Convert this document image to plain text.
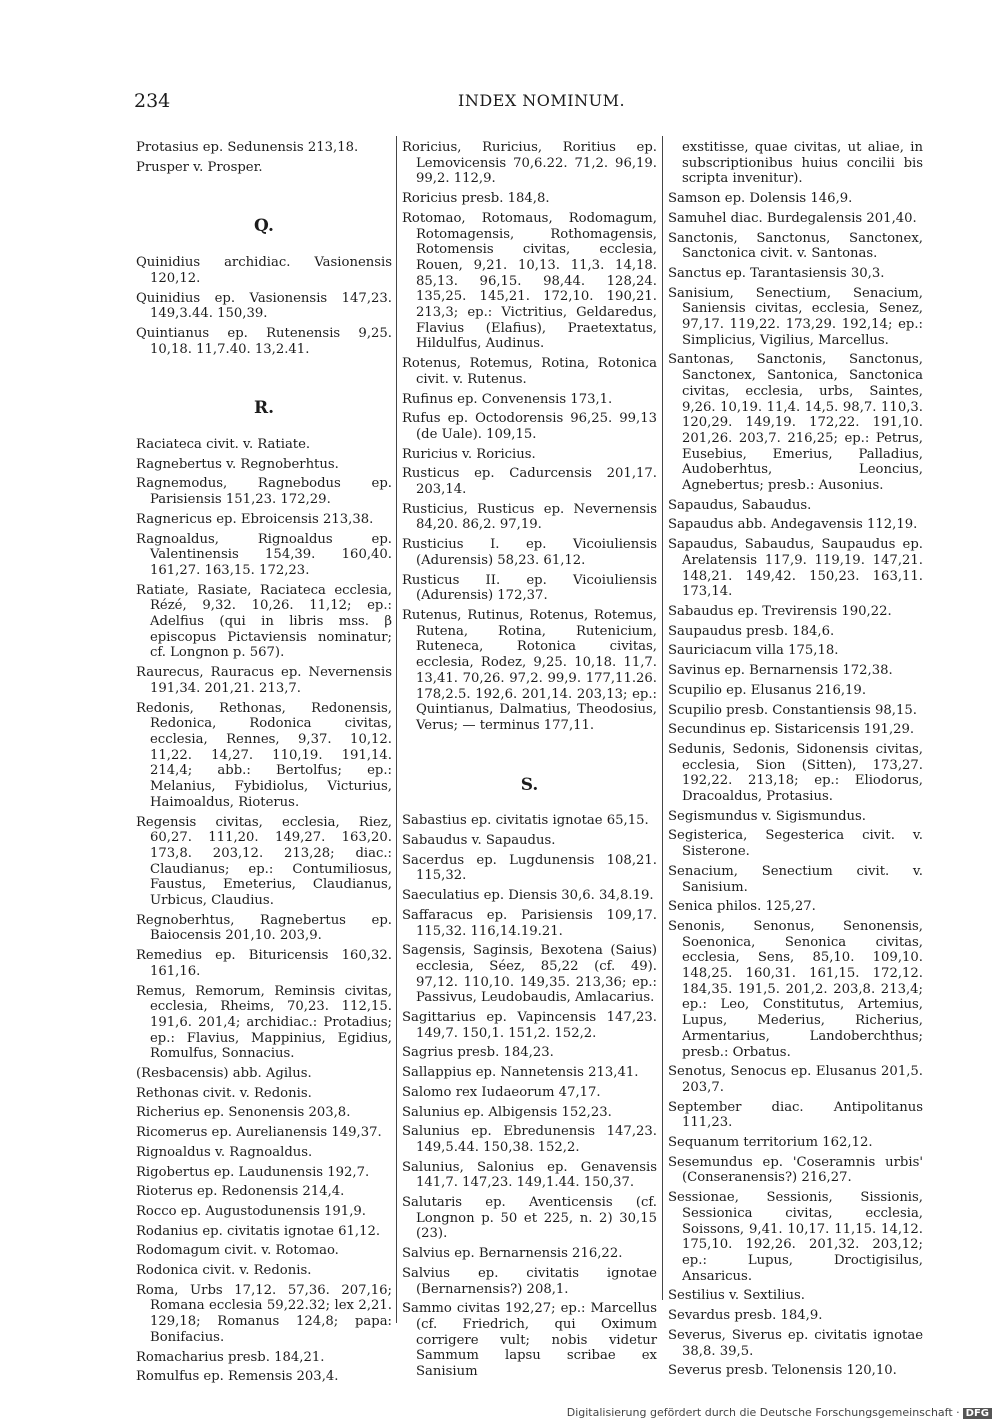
234	INDEX NOMINUM.
Protasius ep. Sedunensis 213,18.
Prusper v. Prosper.
Q.
Quinidius archidiac. Vasionensis 120,12.
Quinidius ep. Vasionensis 147,23. 149,3.44. 150,39.
Quintianus ep. Rutenensis 9,25. 10,18. 11,7.40. 13,2.41.
R.
Raciateca civit. v. Ratiate.
Ragnebertus v. Regnoberhtus.
Ragnemodus, Ragnebodus ep. Parisiensis 151,23. 172,29.
Ragnericus ep. Ebroicensis 213,38.
Ragnoaldus, Rignoaldus ep. Valentinensis 154,39. 160,40. 161,27. 163,15. 172,23.
Ratiate, Rasiate, Raciateca ecclesia, Rézé, 9,32. 10,26. 11,12; ep.: Adelfius (qui in libris mss. β episcopus Pictaviensis nominatur; cf. Longnon p. 567).
Raurecus, Rauracus ep. Nevernensis 191,34. 201,21. 213,7.
Redonis, Rethonas, Redonensis, Redonica, Rodonica civitas, ecclesia, Rennes, 9,37. 10,12. 11,22. 14,27. 110,19. 191,14. 214,4; abb.: Bertolfus; ep.: Melanius, Fybidiolus, Victurius, Haimoaldus, Rioterus.
Regensis civitas, ecclesia, Riez, 60,27. 111,20. 149,27. 163,20. 173,8. 203,12. 213,28; diac.: Claudianus; ep.: Contumiliosus, Faustus, Emeterius, Claudianus, Urbicus, Claudius.
Regnoberhtus, Ragnebertus ep. Baiocensis 201,10. 203,9.
Remedius ep. Bituricensis 160,32. 161,16.
Remus, Remorum, Reminsis civitas, ecclesia, Rheims, 70,23. 112,15. 191,6. 201,4; archidiac.: Protadius; ep.: Flavius, Mappinius, Egidius, Romulfus, Sonnacius.
(Resbacensis) abb. Agilus.
Rethonas civit. v. Redonis.
Richerius ep. Senonensis 203,8.
Ricomerus ep. Aurelianensis 149,37.
Rignoaldus v. Ragnoaldus.
Rigobertus ep. Laudunensis 192,7.
Rioterus ep. Redonensis 214,4.
Rocco ep. Augustodunensis 191,9.
Rodanius ep. civitatis ignotae 61,12.
Rodomagum civit. v. Rotomao.
Rodonica civit. v. Redonis.
Roma, Urbs 17,12. 57,36. 207,16; Romana ecclesia 59,22.32; lex 2,21. 129,18; Romanus 124,8; papa: Bonifacius.
Romacharius presb. 184,21.
Romulfus ep. Remensis 203,4.
Roricius, Ruricius, Roritius ep. Lemovicensis 70,6.22. 71,2. 96,19. 99,2. 112,9.
Roricius presb. 184,8.
Rotomao, Rotomaus, Rodomagum, Rotomagensis, Rothomagensis, Rotomensis civitas, ecclesia, Rouen, 9,21. 10,13. 11,3. 14,18. 85,13. 96,15. 98,44. 128,24. 135,25. 145,21. 172,10. 190,21. 213,3; ep.: Victritius, Geldaredus, Flavius (Elafius), Praetextatus, Hildulfus, Audinus.
Rotenus, Rotemus, Rotina, Rotonica civit. v. Rutenus.
Rufinus ep. Convenensis 173,1.
Rufus ep. Octodorensis 96,25. 99,13 (de Uale). 109,15.
Ruricius v. Roricius.
Rusticus ep. Cadurcensis 201,17. 203,14.
Rusticius, Rusticus ep. Nevernensis 84,20. 86,2. 97,19.
Rusticius I. ep. Vicoiuliensis (Adurensis) 58,23. 61,12.
Rusticus II. ep. Vicoiuliensis (Adurensis) 172,37.
Rutenus, Rutinus, Rotenus, Rotemus, Rutena, Rotina, Rutenicium, Ruteneca, Rotonica civitas, ecclesia, Rodez, 9,25. 10,18. 11,7. 13,41. 70,26. 97,2. 99,9. 177,11.26. 178,2.5. 192,6. 201,14. 203,13; ep.: Quintianus, Dalmatius, Theodosius, Verus; — terminus 177,11.
S.
Sabastius ep. civitatis ignotae 65,15.
Sabaudus v. Sapaudus.
Sacerdus ep. Lugdunensis 108,21. 115,32.
Saeculatius ep. Diensis 30,6. 34,8.19.
Saffaracus ep. Parisiensis 109,17. 115,32. 116,14.19.21.
Sagensis, Saginsis, Bexotena (Saius) ecclesia, Séez, 85,22 (cf. 49). 97,12. 110,10. 149,35. 213,36; ep.: Passivus, Leudobaudis, Amlacarius.
Sagittarius ep. Vapincensis 147,23. 149,7. 150,1. 151,2. 152,2.
Sagrius presb. 184,23.
Sallappius ep. Nannetensis 213,41.
Salomo rex Iudaeorum 47,17.
Salunius ep. Albigensis 152,23.
Salunius ep. Ebredunensis 147,23. 149,5.44. 150,38. 152,2.
Salunius, Salonius ep. Genavensis 141,7. 147,23. 149,1.44. 150,37.
Salutaris ep. Aventicensis (cf. Longnon p. 50 et 225, n. 2) 30,15 (23).
Salvius ep. Bernarnensis 216,22.
Salvius ep. civitatis ignotae (Bernarnensis?) 208,1.
Sammo civitas 192,27; ep.: Marcellus (cf. Friedrich, qui Oximum corrigere vult; nobis videtur Sammum lapsu scribae ex Sanisium
exstitisse, quae civitas, ut aliae, in subscriptionibus huius concilii bis scripta invenitur).
Samson ep. Dolensis 146,9.
Samuhel diac. Burdegalensis 201,40.
Sanctonis, Sanctonus, Sanctonex, Sanctonica civit. v. Santonas.
Sanctus ep. Tarantasiensis 30,3.
Sanisium, Senectium, Senacium, Saniensis civitas, ecclesia, Senez, 97,17. 119,22. 173,29. 192,14; ep.: Simplicius, Vigilius, Marcellus.
Santonas, Sanctonis, Sanctonus, Sanctonex, Santonica, Sanctonica civitas, ecclesia, urbs, Saintes, 9,26. 10,19. 11,4. 14,5. 98,7. 110,3. 120,29. 149,19. 172,22. 191,10. 201,26. 203,7. 216,25; ep.: Petrus, Eusebius, Emerius, Palladius, Audoberhtus, Leoncius, Agnebertus; presb.: Ausonius.
Sapaudus, Sabaudus.
Sapaudus abb. Andegavensis 112,19.
Sapaudus, Sabaudus, Saupaudus ep. Arelatensis 117,9. 119,19. 147,21. 148,21. 149,42. 150,23. 163,11. 173,14.
Sabaudus ep. Trevirensis 190,22.
Saupaudus presb. 184,6.
Sauriciacum villa 175,18.
Savinus ep. Bernarnensis 172,38.
Scupilio ep. Elusanus 216,19.
Scupilio presb. Constantiensis 98,15.
Secundinus ep. Sistaricensis 191,29.
Sedunis, Sedonis, Sidonensis civitas, ecclesia, Sion (Sitten), 173,27. 192,22. 213,18; ep.: Eliodorus, Dracoaldus, Protasius.
Segismundus v. Sigismundus.
Segisterica, Segesterica civit. v. Sisterone.
Senacium, Senectium civit. v. Sanisium.
Senica philos. 125,27.
Senonis, Senonus, Senonensis, Soenonica, Senonica civitas, ecclesia, Sens, 85,10. 109,10. 148,25. 160,31. 161,15. 172,12. 184,35. 191,5. 201,2. 203,8. 213,4; ep.: Leo, Constitutus, Artemius, Lupus, Mederius, Richerius, Armentarius, Landoberchthus; presb.: Orbatus.
Senotus, Senocus ep. Elusanus 201,5. 203,7.
September diac. Antipolitanus 111,23.
Sequanum territorium 162,12.
Sesemundus ep. 'Coseramnis urbis' (Conseranensis?) 216,27.
Sessionae, Sessionis, Sissionis, Sessionica civitas, ecclesia, Soissons, 9,41. 10,17. 11,15. 14,12. 175,10. 192,26. 201,32. 203,12; ep.: Lupus, Droctigisilus, Ansaricus.
Sestilius v. Sextilius.
Sevardus presb. 184,9.
Severus, Siverus ep. civitatis ignotae 38,8. 39,5.
Severus presb. Telonensis 120,10.
Digitalisierung gefördert durch die Deutsche Forschungsgemeinschaft · DFG
